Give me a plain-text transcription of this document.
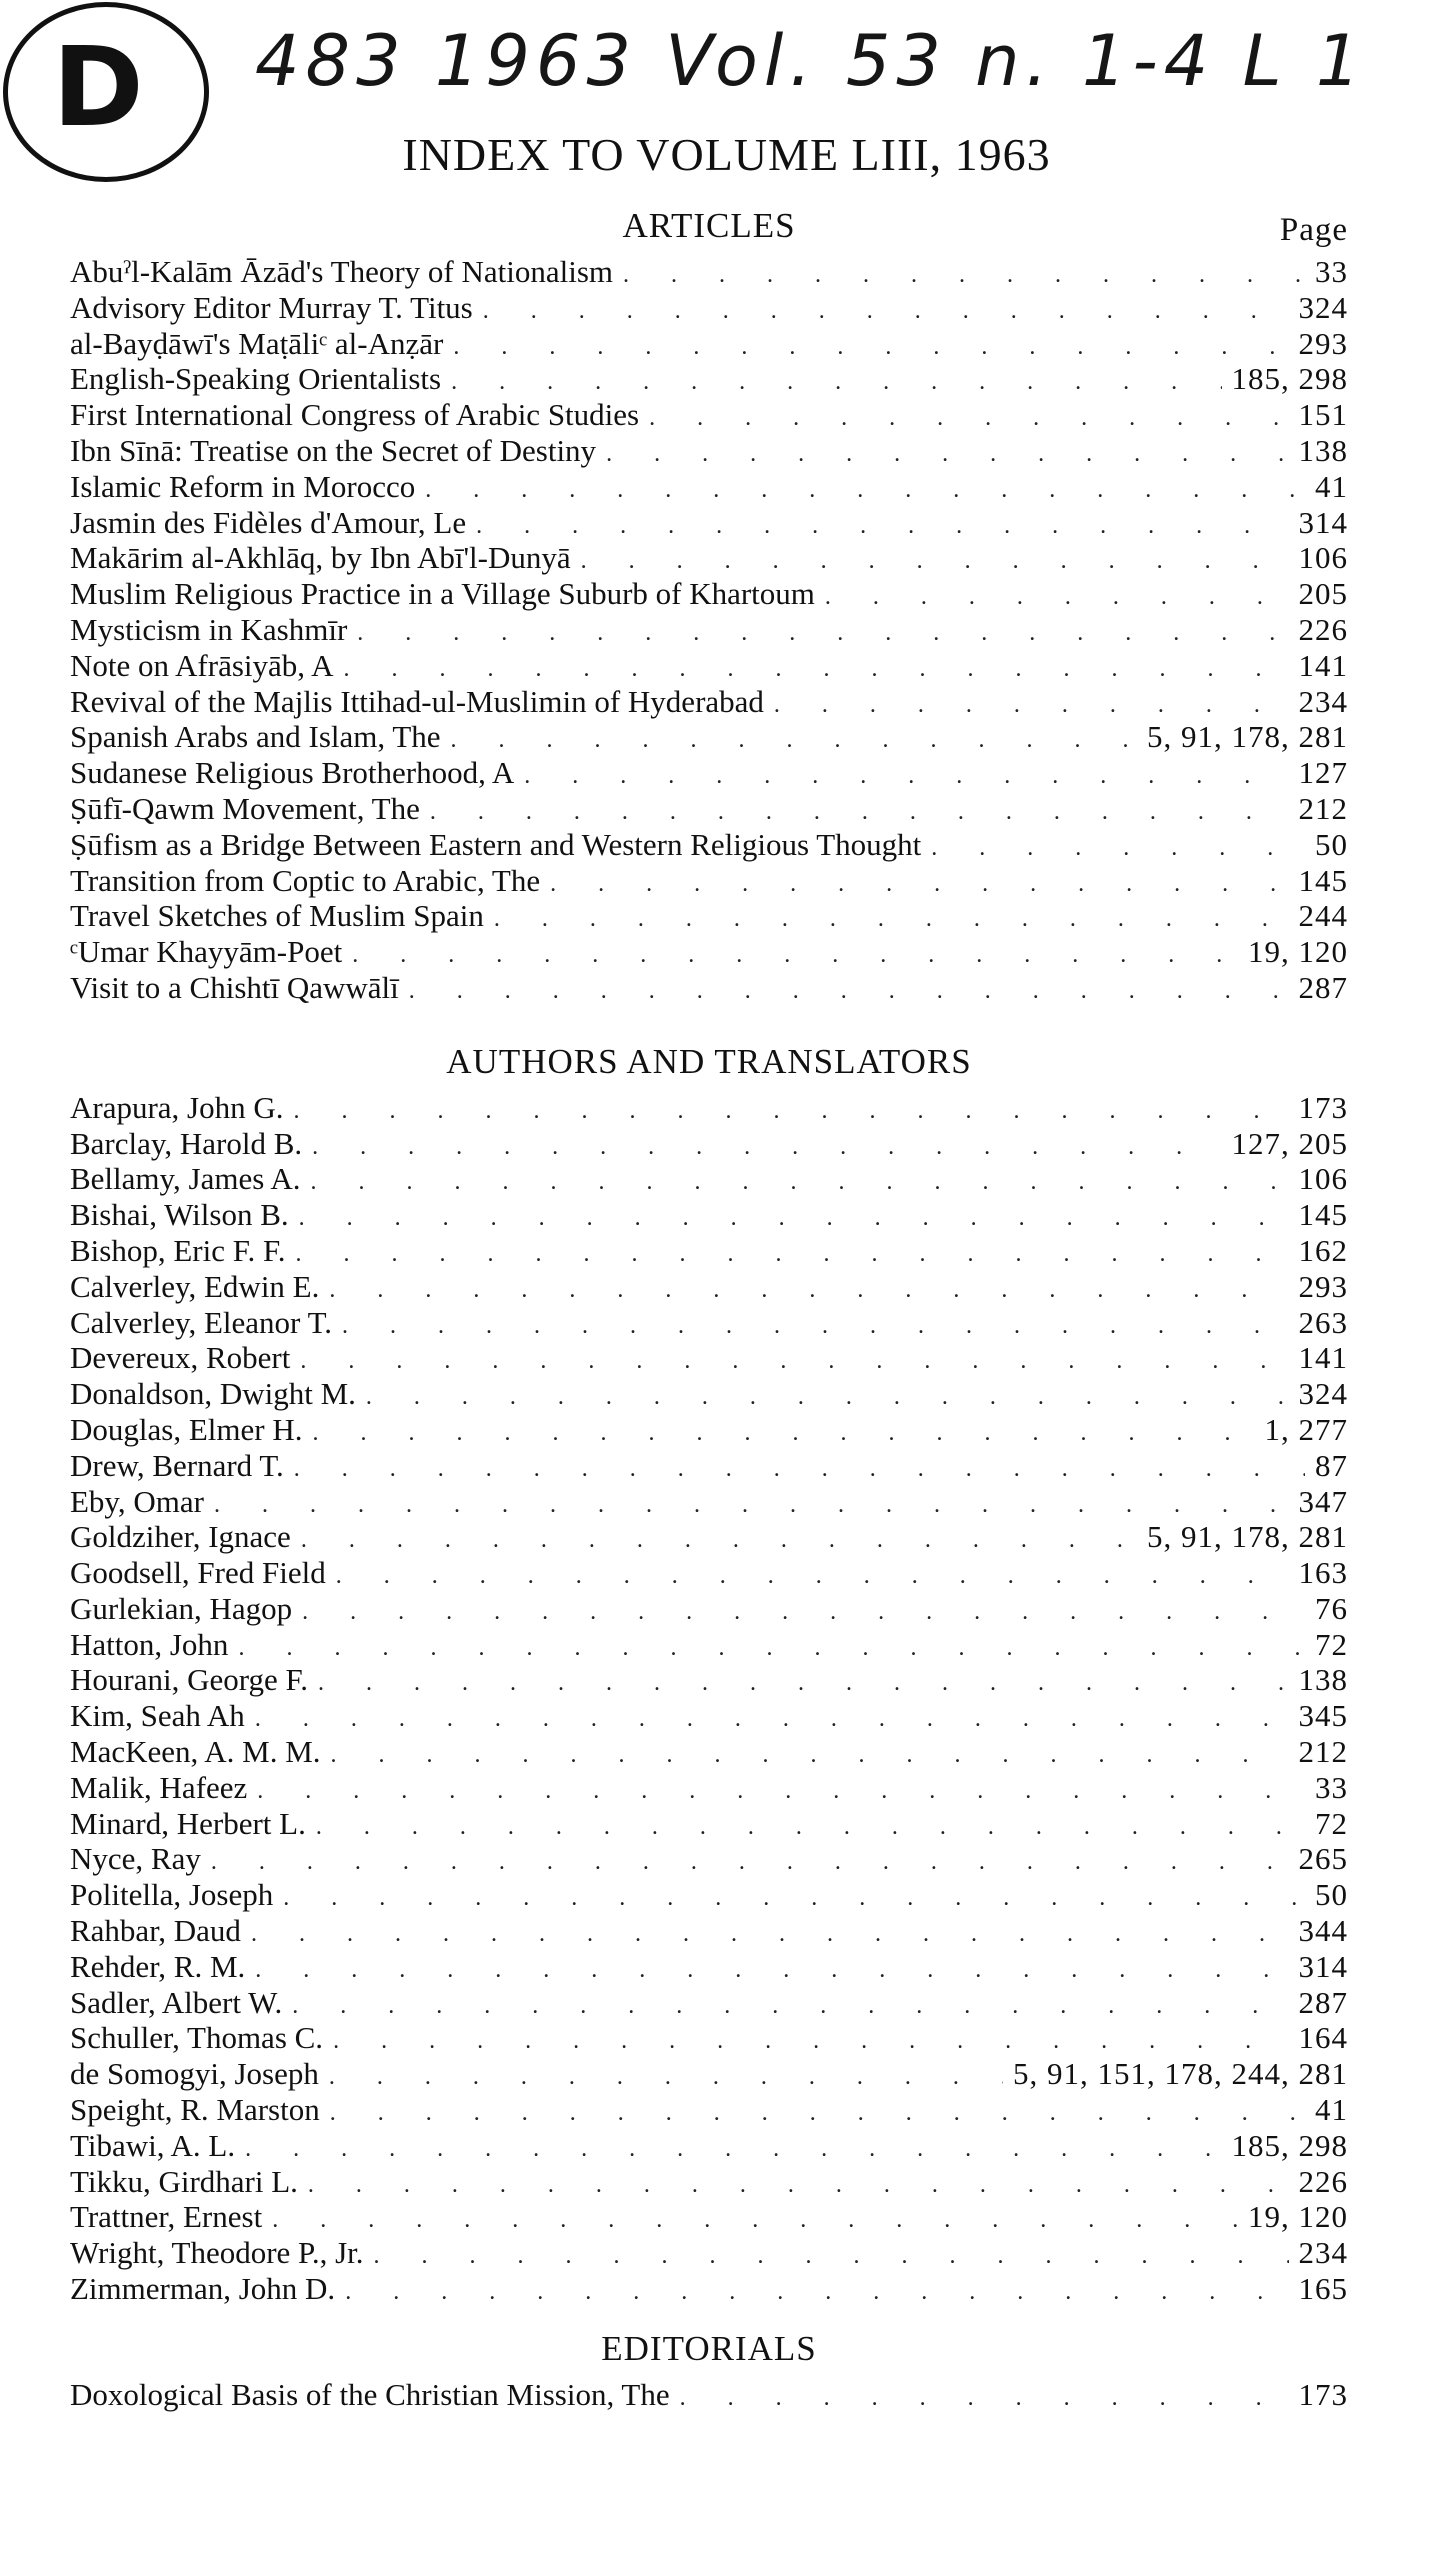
D 483 1963 Vol. 53 n. 1-4 L 1
INDEX TO VOLUME LIII, 1963
ARTICLES	Page
Abuˀl-Kalām Āzād's Theory of Nationalism . . .	33
Advisory Editor Murray T. Titus . . .	324
al-Bayḍāwī's Maṭāliᶜ al-Anẓār . . .	293
English-Speaking Orientalists . . .	185, 298
First International Congress of Arabic Studies . . .	151
Ibn Sīnā: Treatise on the Secret of Destiny . . .	138
Islamic Reform in Morocco . . .	41
Jasmin des Fidèles d'Amour, Le . . .	314
Makārim al-Akhlāq, by Ibn Abī'l-Dunyā . . .	106
Muslim Religious Practice in a Village Suburb of Khartoum . . .	205
Mysticism in Kashmīr . . .	226
Note on Afrāsiyāb, A . . .	141
Revival of the Majlis Ittihad-ul-Muslimin of Hyderabad . . .	234
Spanish Arabs and Islam, The . . .	5, 91, 178, 281
Sudanese Religious Brotherhood, A . . .	127
Ṣūfī-Qawm Movement, The . . .	212
Ṣūfism as a Bridge Between Eastern and Western Religious Thought . . .	50
Transition from Coptic to Arabic, The . . .	145
Travel Sketches of Muslim Spain . . .	244
ᶜUmar Khayyām-Poet . . .	19, 120
Visit to a Chishtī Qawwālī . . .	287
AUTHORS AND TRANSLATORS
Arapura, John G. . . .	173
Barclay, Harold B. . . .	127, 205
Bellamy, James A. . . .	106
Bishai, Wilson B. . . .	145
Bishop, Eric F. F. . . .	162
Calverley, Edwin E. . . .	293
Calverley, Eleanor T. . . .	263
Devereux, Robert . . .	141
Donaldson, Dwight M. . . .	324
Douglas, Elmer H. . . .	1, 277
Drew, Bernard T. . . .	87
Eby, Omar . . .	347
Goldziher, Ignace . . .	5, 91, 178, 281
Goodsell, Fred Field . . .	163
Gurlekian, Hagop . . .	76
Hatton, John . . .	72
Hourani, George F. . . .	138
Kim, Seah Ah . . .	345
MacKeen, A. M. M. . . .	212
Malik, Hafeez . . .	33
Minard, Herbert L. . . .	72
Nyce, Ray . . .	265
Politella, Joseph . . .	50
Rahbar, Daud . . .	344
Rehder, R. M. . . .	314
Sadler, Albert W. . . .	287
Schuller, Thomas C. . . .	164
de Somogyi, Joseph . . .	5, 91, 151, 178, 244, 281
Speight, R. Marston . . .	41
Tibawi, A. L. . . .	185, 298
Tikku, Girdhari L. . . .	226
Trattner, Ernest . . .	19, 120
Wright, Theodore P., Jr. . . .	234
Zimmerman, John D. . . .	165
EDITORIALS
Doxological Basis of the Christian Mission, The . . .	173
